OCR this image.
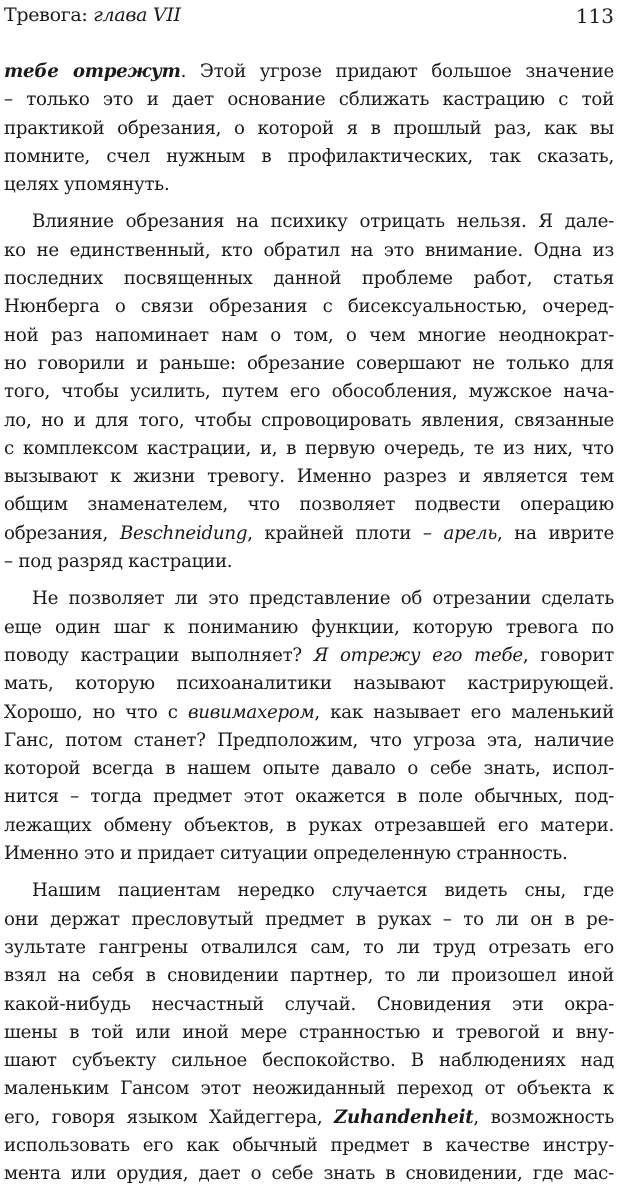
Тревога: глава VII	113
тебе отрежут. Этой угрозе придают большое значение
– только это и дает основание сближать кастрацию с той
практикой обрезания, о которой я в прошлый раз, как вы
помните, счел нужным в профилактических, так сказать,
целях упомянуть.
Влияние обрезания на психику отрицать нельзя. Я дале-
ко не единственный, кто обратил на это внимание. Одна из
последних посвященных данной проблеме работ, статья
Нюнберга о связи обрезания с бисексуальностью, очеред-
ной раз напоминает нам о том, о чем многие неоднократ-
но говорили и раньше: обрезание совершают не только для
того, чтобы усилить, путем его обособления, мужское нача-
ло, но и для того, чтобы спровоцировать явления, связанные
с комплексом кастрации, и, в первую очередь, те из них, что
вызывают к жизни тревогу. Именно разрез и является тем
общим знаменателем, что позволяет подвести операцию
обрезания, Beschneidung, крайней плоти – арель, на иврите
– под разряд кастрации.
Не позволяет ли это представление об отрезании сделать
еще один шаг к пониманию функции, которую тревога по
поводу кастрации выполняет? Я отрежу его тебе, говорит
мать, которую психоаналитики называют кастрирующей.
Хорошо, но что с вивимахером, как называет его маленький
Ганс, потом станет? Предположим, что угроза эта, наличие
которой всегда в нашем опыте давало о себе знать, испол-
нится – тогда предмет этот окажется в поле обычных, под-
лежащих обмену объектов, в руках отрезавшей его матери.
Именно это и придает ситуации определенную странность.
Нашим пациентам нередко случается видеть сны, где
они держат пресловутый предмет в руках – то ли он в ре-
зультате гангрены отвалился сам, то ли труд отрезать его
взял на себя в сновидении партнер, то ли произошел иной
какой-нибудь несчастный случай. Сновидения эти окра-
шены в той или иной мере странностью и тревогой и вну-
шают субъекту сильное беспокойство. В наблюдениях над
маленьким Гансом этот неожиданный переход от объекта к
его, говоря языком Хайдеггера, Zuhandenheit, возможность
использовать его как обычный предмет в качестве инстру-
мента или орудия, дает о себе знать в сновидении, где мас-
